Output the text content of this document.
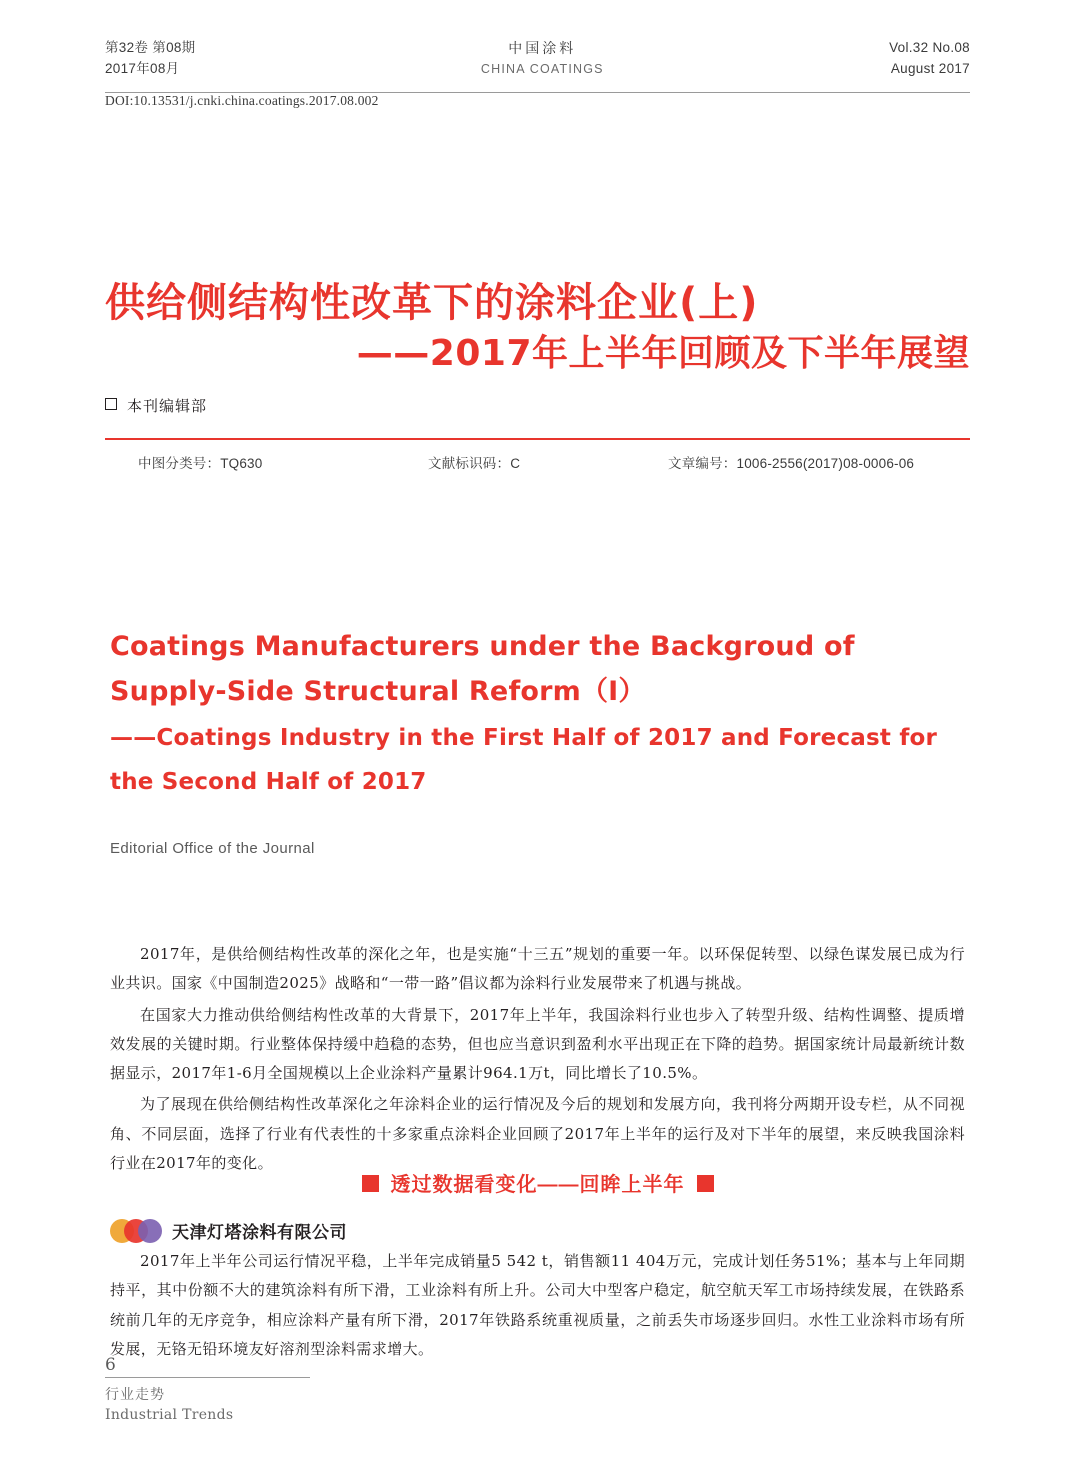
第32卷 第08期
2017年08月
中国涂料
CHINA COATINGS
Vol.32 No.08
August 2017
DOI:10.13531/j.cnki.china.coatings.2017.08.002
供给侧结构性改革下的涂料企业(上)
——2017年上半年回顾及下半年展望
本刊编辑部
中图分类号：TQ630	文献标识码：C	文章编号：1006-2556(2017)08-0006-06
Coatings Manufacturers under the Backgroud of
Supply-Side Structural Reform（I）
——Coatings Industry in the First Half of 2017 and Forecast for
the Second Half of 2017
Editorial Office of the Journal

2017年，是供给侧结构性改革的深化之年，也是实施“十三五”规划的重要一年。以环保促转型、以绿色谋发展已成为行业共识。国家《中国制造2025》战略和“一带一路”倡议都为涂料行业发展带来了机遇与挑战。

在国家大力推动供给侧结构性改革的大背景下，2017年上半年，我国涂料行业也步入了转型升级、结构性调整、提质增效发展的关键时期。行业整体保持缓中趋稳的态势，但也应当意识到盈利水平出现正在下降的趋势。据国家统计局最新统计数据显示，2017年1-6月全国规模以上企业涂料产量累计964.1万t，同比增长了10.5%。

为了展现在供给侧结构性改革深化之年涂料企业的运行情况及今后的规划和发展方向，我刊将分两期开设专栏，从不同视角、不同层面，选择了行业有代表性的十多家重点涂料企业回顾了2017年上半年的运行及对下半年的展望，来反映我国涂料行业在2017年的变化。

透过数据看变化——回眸上半年
天津灯塔涂料有限公司

2017年上半年公司运行情况平稳，上半年完成销量5 542 t，销售额11 404万元，完成计划任务51%；基本与上年同期持平，其中份额不大的建筑涂料有所下滑，工业涂料有所上升。公司大中型客户稳定，航空航天军工市场持续发展，在铁路系统前几年的无序竞争，相应涂料产量有所下滑，2017年铁路系统重视质量，之前丢失市场逐步回归。水性工业涂料市场有所发展，无铬无铅环境友好溶剂型涂料需求增大。

6
行业走势
Industrial Trends
